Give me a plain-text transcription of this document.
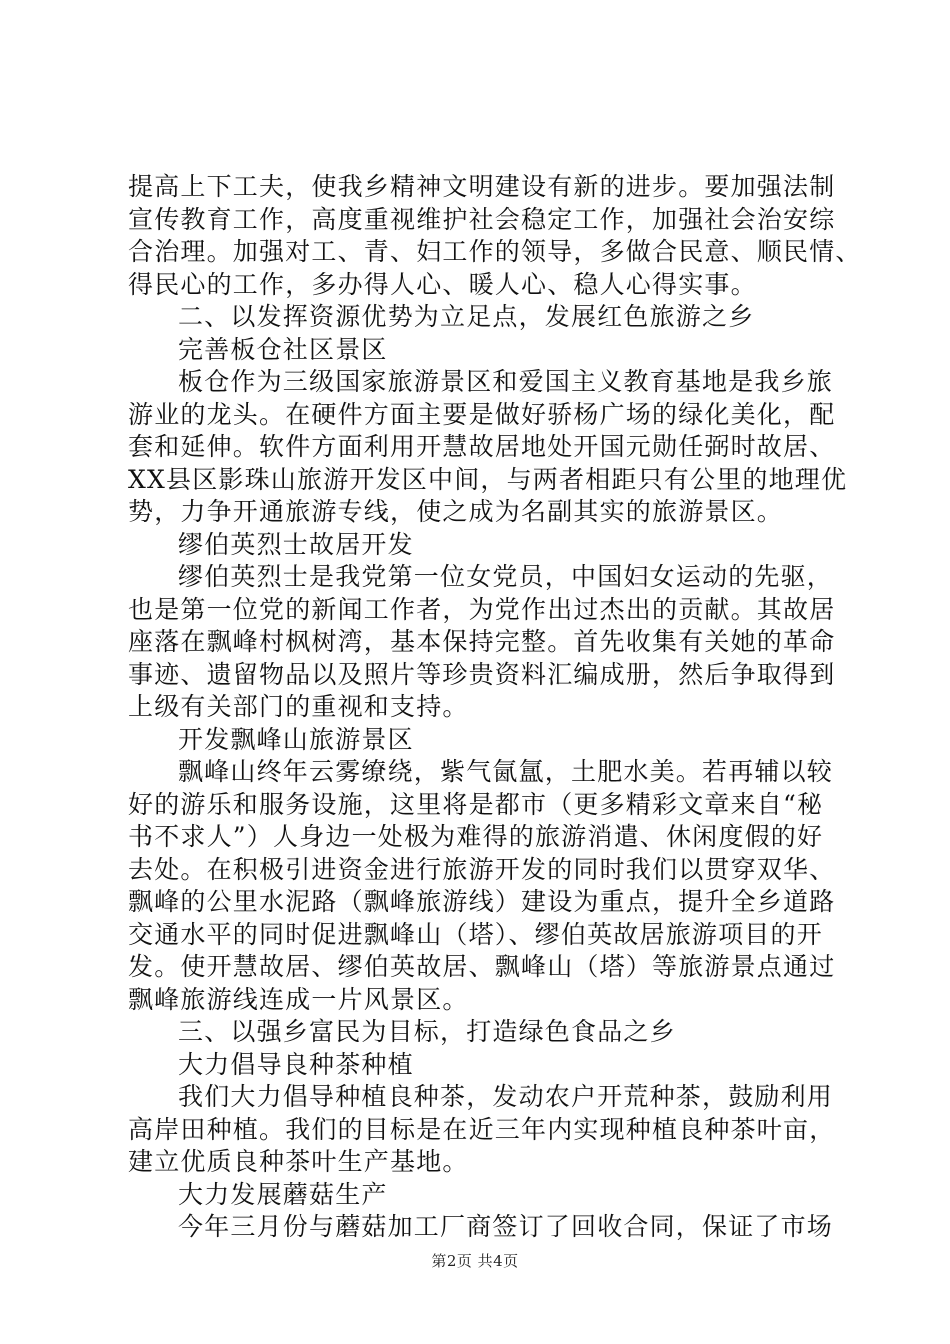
提高上下工夫，使我乡精神文明建设有新的进步。要加强法制
宣传教育工作，高度重视维护社会稳定工作，加强社会治安综
合治理。加强对工、青、妇工作的领导，多做合民意、顺民情、
得民心的工作，多办得人心、暖人心、稳人心得实事。
二、以发挥资源优势为立足点，发展红色旅游之乡
完善板仓社区景区
板仓作为三级国家旅游景区和爱国主义教育基地是我乡旅
游业的龙头。在硬件方面主要是做好骄杨广场的绿化美化，配
套和延伸。软件方面利用开慧故居地处开国元勋任弼时故居、
XX县区影珠山旅游开发区中间，与两者相距只有公里的地理优
势，力争开通旅游专线，使之成为名副其实的旅游景区。
缪伯英烈士故居开发
缪伯英烈士是我党第一位女党员，中国妇女运动的先驱，
也是第一位党的新闻工作者，为党作出过杰出的贡献。其故居
座落在飘峰村枫树湾，基本保持完整。首先收集有关她的革命
事迹、遗留物品以及照片等珍贵资料汇编成册，然后争取得到
上级有关部门的重视和支持。
开发飘峰山旅游景区
飘峰山终年云雾缭绕，紫气氤氲，土肥水美。若再辅以较
好的游乐和服务设施，这里将是都市（更多精彩文章来自“秘
书不求人”）人身边一处极为难得的旅游消遣、休闲度假的好
去处。在积极引进资金进行旅游开发的同时我们以贯穿双华、
飘峰的公里水泥路（飘峰旅游线）建设为重点，提升全乡道路
交通水平的同时促进飘峰山（塔）、缪伯英故居旅游项目的开
发。使开慧故居、缪伯英故居、飘峰山（塔）等旅游景点通过
飘峰旅游线连成一片风景区。
三、以强乡富民为目标，打造绿色食品之乡
大力倡导良种茶种植
我们大力倡导种植良种茶，发动农户开荒种茶，鼓励利用
高岸田种植。我们的目标是在近三年内实现种植良种茶叶亩，
建立优质良种茶叶生产基地。
大力发展蘑菇生产
今年三月份与蘑菇加工厂商签订了回收合同，保证了市场
第2页 共4页
